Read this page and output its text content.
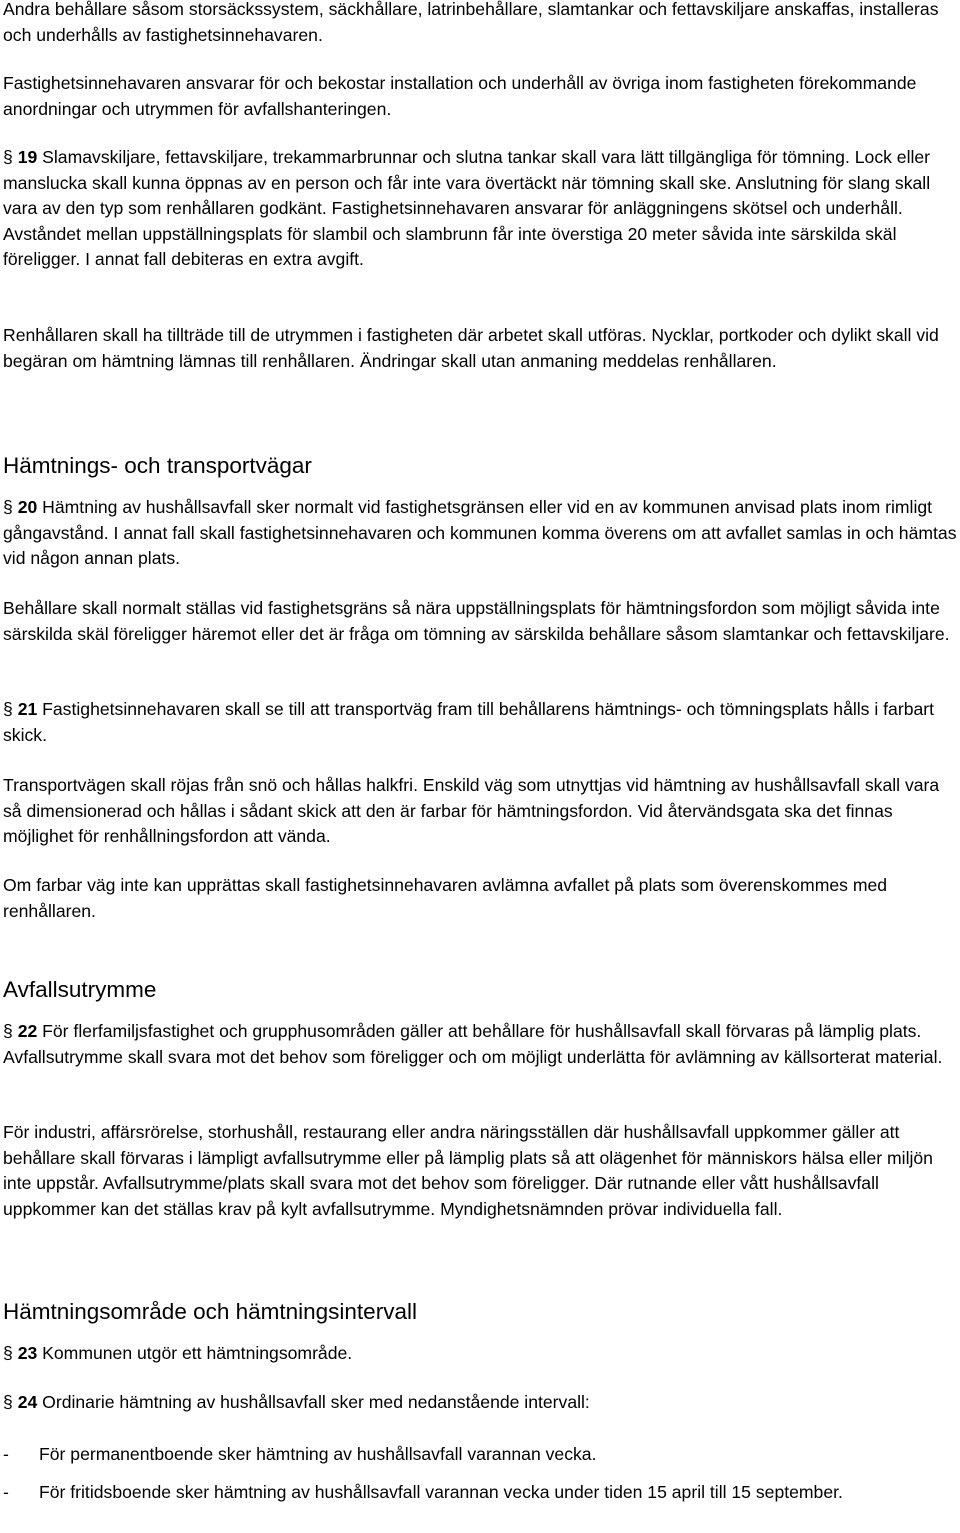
Andra behållare såsom storsäckssystem, säckhållare, latrinbehållare, slamtankar och fettavskiljare anskaffas, installeras och underhålls av fastighetsinnehavaren.

Fastighetsinnehavaren ansvarar för och bekostar installation och underhåll av övriga inom fastigheten förekommande anordningar och utrymmen för avfallshanteringen.

§ 19 Slamavskiljare, fettavskiljare, trekammarbrunnar och slutna tankar skall vara lätt tillgängliga för tömning. Lock eller manslucka skall kunna öppnas av en person och får inte vara övertäckt när tömning skall ske. Anslutning för slang skall vara av den typ som renhållaren godkänt. Fastighetsinnehavaren ansvarar för anläggningens skötsel och underhåll. Avståndet mellan uppställningsplats för slambil och slambrunn får inte överstiga 20 meter såvida inte särskilda skäl föreligger. I annat fall debiteras en extra avgift.

Renhållaren skall ha tillträde till de utrymmen i fastigheten där arbetet skall utföras. Nycklar, portkoder och dylikt skall vid begäran om hämtning lämnas till renhållaren. Ändringar skall utan anmaning meddelas renhållaren.

Hämtnings- och transportvägar

§ 20 Hämtning av hushållsavfall sker normalt vid fastighetsgränsen eller vid en av kommunen anvisad plats inom rimligt gångavstånd. I annat fall skall fastighetsinnehavaren och kommunen komma överens om att avfallet samlas in och hämtas vid någon annan plats.

Behållare skall normalt ställas vid fastighetsgräns så nära uppställningsplats för hämtningsfordon som möjligt såvida inte särskilda skäl föreligger häremot eller det är fråga om tömning av särskilda behållare såsom slamtankar och fettavskiljare.

§ 21 Fastighetsinnehavaren skall se till att transportväg fram till behållarens hämtnings- och tömningsplats hålls i farbart skick.

Transportvägen skall röjas från snö och hållas halkfri. Enskild väg som utnyttjas vid hämtning av hushållsavfall skall vara så dimensionerad och hållas i sådant skick att den är farbar för hämtningsfordon. Vid återvändsgata ska det finnas möjlighet för renhållningsfordon att vända.

Om farbar väg inte kan upprättas skall fastighetsinnehavaren avlämna avfallet på plats som överenskommes med renhållaren.

Avfallsutrymme

§ 22 För flerfamiljsfastighet och grupphusområden gäller att behållare för hushållsavfall skall förvaras på lämplig plats. Avfallsutrymme skall svara mot det behov som föreligger och om möjligt underlätta för avlämning av källsorterat material.

För industri, affärsrörelse, storhushåll, restaurang eller andra näringsställen där hushållsavfall uppkommer gäller att behållare skall förvaras i lämpligt avfallsutrymme eller på lämplig plats så att olägenhet för människors hälsa eller miljön inte uppstår. Avfallsutrymme/plats skall svara mot det behov som föreligger. Där rutnande eller vått hushållsavfall uppkommer kan det ställas krav på kylt avfallsutrymme. Myndighetsnämnden prövar individuella fall.

Hämtningsområde och hämtningsintervall

§ 23 Kommunen utgör ett hämtningsområde.

§ 24 Ordinarie hämtning av hushållsavfall sker med nedanstående intervall:

- För permanentboende sker hämtning av hushållsavfall varannan vecka.
- För fritidsboende sker hämtning av hushållsavfall varannan vecka under tiden 15 april till 15 september.
